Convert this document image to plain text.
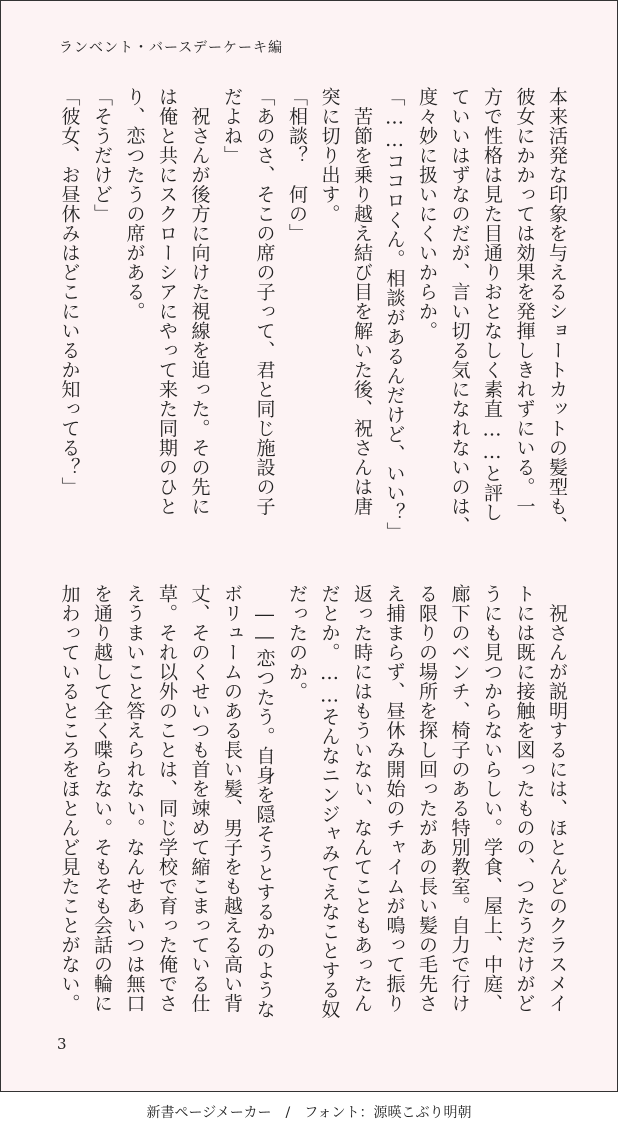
ランベント・バースデーケーキ編
本来活発な印象を与えるショートカットの髪型も、
彼女にかかっては効果を発揮しきれずにいる。一
方で性格は見た目通りおとなしく素直……と評し
ていいはずなのだが、言い切る気になれないのは、
度々妙に扱いにくいからか。
「……ココロくん。相談があるんだけど、いい？」
　苦節を乗り越え結び目を解いた後、祝さんは唐
突に切り出す。
「相談？　何の」
「あのさ、そこの席の子って、君と同じ施設の子
だよね」
　祝さんが後方に向けた視線を追った。その先に
は俺と共にスクローシアにやって来た同期のひと
り、恋つたうの席がある。
「そうだけど」
「彼女、お昼休みはどこにいるか知ってる？」
　祝さんが説明するには、ほとんどのクラスメイ
トには既に接触を図ったものの、つたうだけがど
うにも見つからないらしい。学食、屋上、中庭、
廊下のベンチ、椅子のある特別教室。自力で行け
る限りの場所を探し回ったがあの長い髪の毛先さ
え捕まらず、昼休み開始のチャイムが鳴って振り
返った時にはもういない、なんてこともあったん
だとか。……そんなニンジャみてえなことする奴
だったのか。
　――恋つたう。自身を隠そうとするかのような
ボリュームのある長い髪、男子をも越える高い背
丈、そのくせいつも首を竦めて縮こまっている仕
草。それ以外のことは、同じ学校で育った俺でさ
えうまいこと答えられない。なんせあいつは無口
を通り越して全く喋らない。そもそも会話の輪に
加わっているところをほとんど見たことがない。
3
新書ページメーカー　/　フォント：源暎こぶり明朝
